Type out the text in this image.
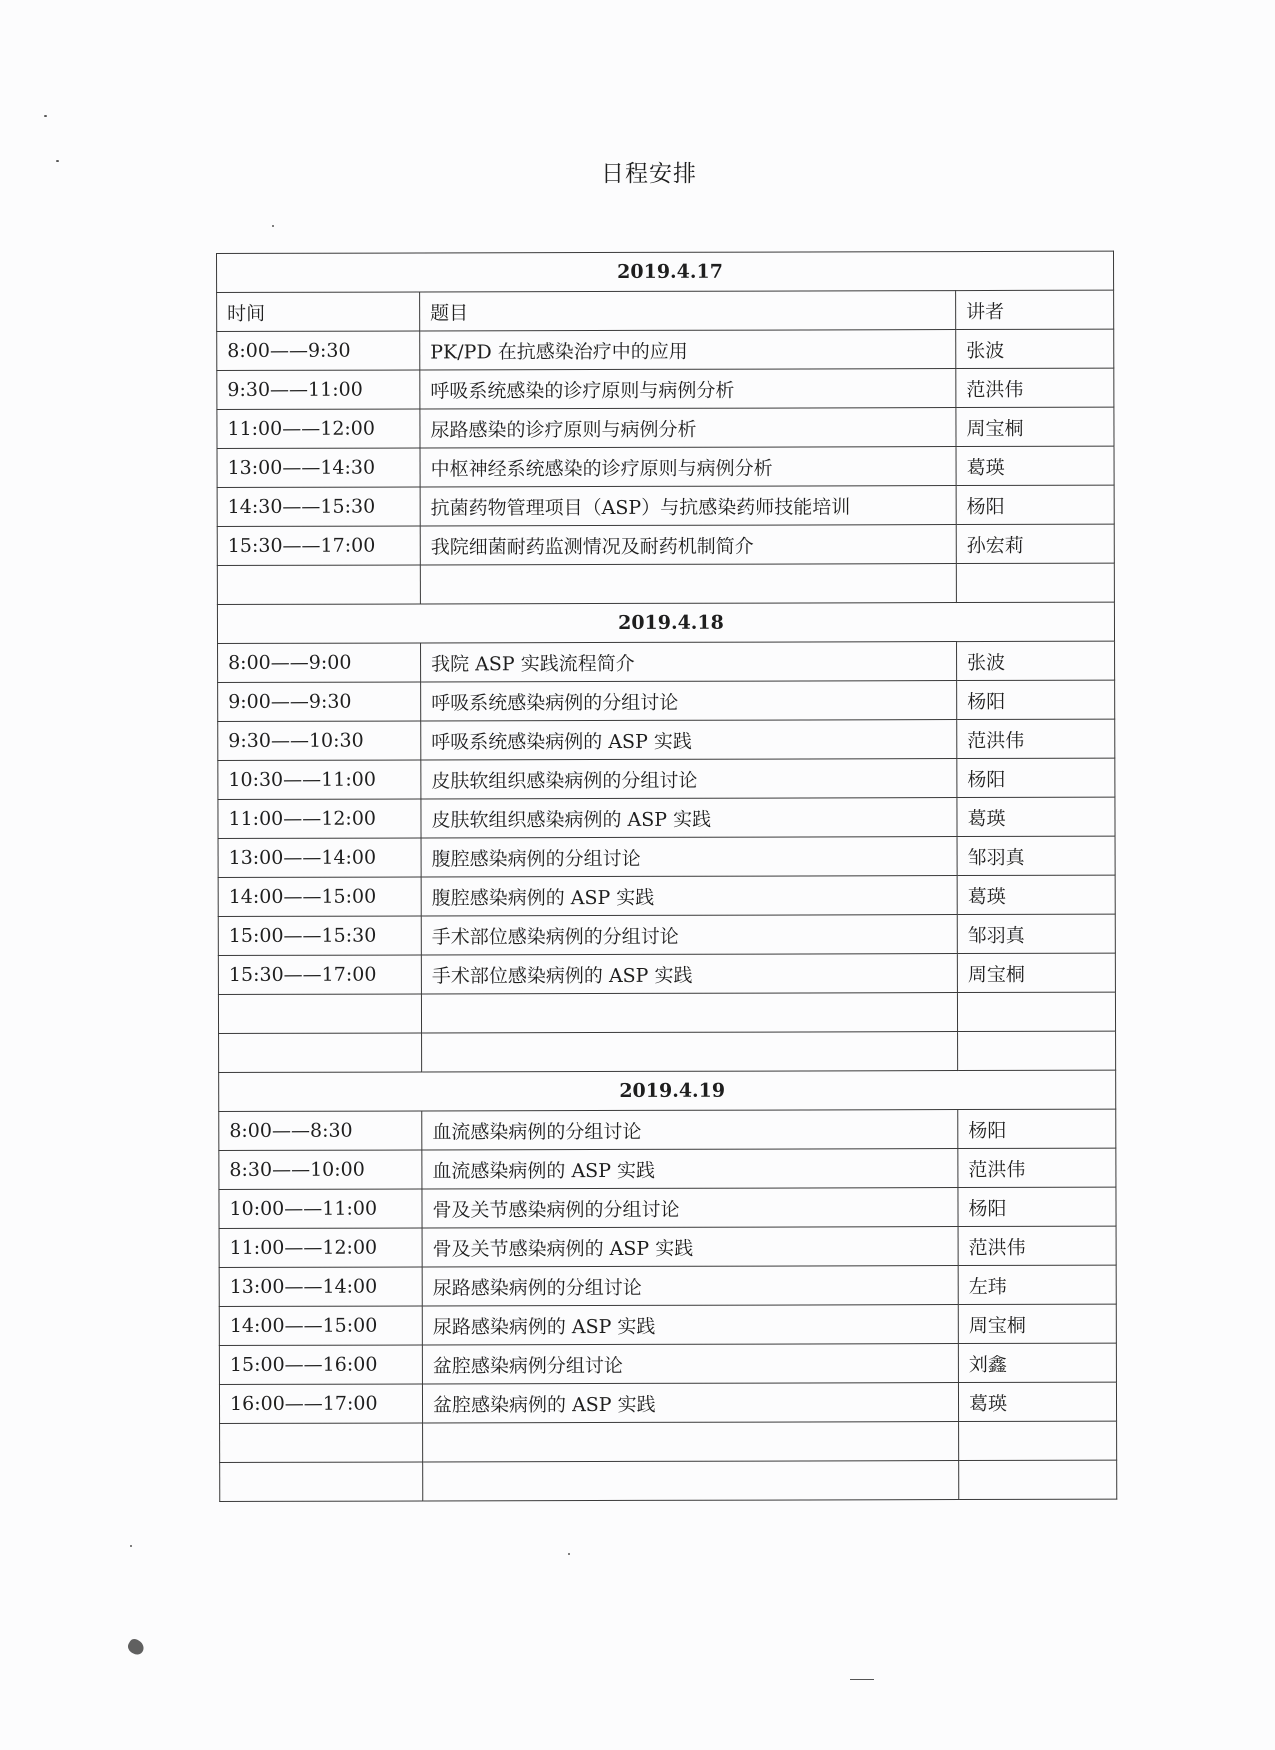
日程安排
2019.4.17		
时间	题目	讲者
8:00——9:30	PK/PD 在抗感染治疗中的应用	张波
9:30——11:00	呼吸系统感染的诊疗原则与病例分析	范洪伟
11:00——12:00	尿路感染的诊疗原则与病例分析	周宝桐
13:00——14:30	中枢神经系统感染的诊疗原则与病例分析	葛瑛
14:30——15:30	抗菌药物管理项目（ASP）与抗感染药师技能培训	杨阳
15:30——17:00	我院细菌耐药监测情况及耐药机制简介	孙宏莉

2019.4.18		
8:00——9:00	我院 ASP 实践流程简介	张波
9:00——9:30	呼吸系统感染病例的分组讨论	杨阳
9:30——10:30	呼吸系统感染病例的 ASP 实践	范洪伟
10:30——11:00	皮肤软组织感染病例的分组讨论	杨阳
11:00——12:00	皮肤软组织感染病例的 ASP 实践	葛瑛
13:00——14:00	腹腔感染病例的分组讨论	邹羽真
14:00——15:00	腹腔感染病例的 ASP 实践	葛瑛
15:00——15:30	手术部位感染病例的分组讨论	邹羽真
15:30——17:00	手术部位感染病例的 ASP 实践	周宝桐

2019.4.19		
8:00——8:30	血流感染病例的分组讨论	杨阳
8:30——10:00	血流感染病例的 ASP 实践	范洪伟
10:00——11:00	骨及关节感染病例的分组讨论	杨阳
11:00——12:00	骨及关节感染病例的 ASP 实践	范洪伟
13:00——14:00	尿路感染病例的分组讨论	左玮
14:00——15:00	尿路感染病例的 ASP 实践	周宝桐
15:00——16:00	盆腔感染病例分组讨论	刘鑫
16:00——17:00	盆腔感染病例的 ASP 实践	葛瑛
